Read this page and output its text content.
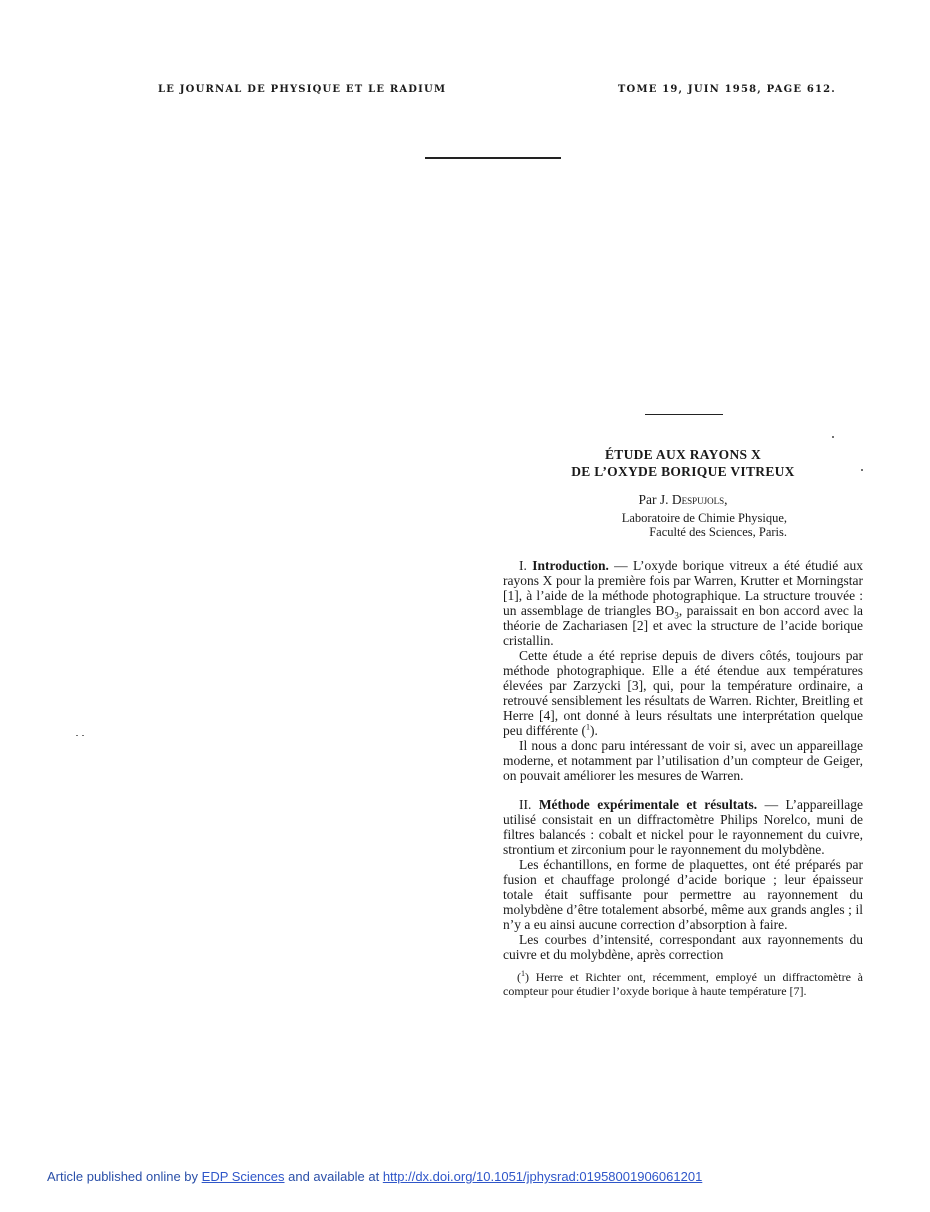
LE JOURNAL DE PHYSIQUE ET LE RADIUM	TOME 19, JUIN 1958, PAGE 612.
ÉTUDE AUX RAYONS X
DE L’OXYDE BORIQUE VITREUX
Par J. Despujols,
Laboratoire de Chimie Physique,
Faculté des Sciences, Paris.

I. Introduction. — L’oxyde borique vitreux a été étudié aux rayons X pour la première fois par Warren, Krutter et Morningstar [1], à l’aide de la méthode photographique. La structure trouvée : un assemblage de triangles $BO_3$, paraissait en bon accord avec la théorie de Zachariasen [2] et avec la structure de l’acide borique cristallin.

Cette étude a été reprise depuis de divers côtés, toujours par méthode photographique. Elle a été étendue aux températures élevées par Zarzycki [3], qui, pour la température ordinaire, a retrouvé sensiblement les résultats de Warren. Richter, Breitling et Herre [4], ont donné à leurs résultats une interprétation quelque peu différente ($^1$).

Il nous a donc paru intéressant de voir si, avec un appareillage moderne, et notamment par l’utilisation d’un compteur de Geiger, on pouvait améliorer les mesures de Warren.

II. Méthode expérimentale et résultats. — L’appareillage utilisé consistait en un diffractomètre Philips Norelco, muni de filtres balancés : cobalt et nickel pour le rayonnement du cuivre, strontium et zirconium pour le rayonnement du molybdène.

Les échantillons, en forme de plaquettes, ont été préparés par fusion et chauffage prolongé d’acide borique ; leur épaisseur totale était suffisante pour permettre au rayonnement du molybdène d’être totalement absorbé, même aux grands angles ; il n’y a eu ainsi aucune correction d’absorption à faire.

Les courbes d’intensité, correspondant aux rayonnements du cuivre et du molybdène, après correction

($^1$) Herre et Richter ont, récemment, employé un diffractomètre à compteur pour étudier l’oxyde borique à haute température [7].

Article published online by EDP Sciences and available at http://dx.doi.org/10.1051/jphysrad:01958001906061201
